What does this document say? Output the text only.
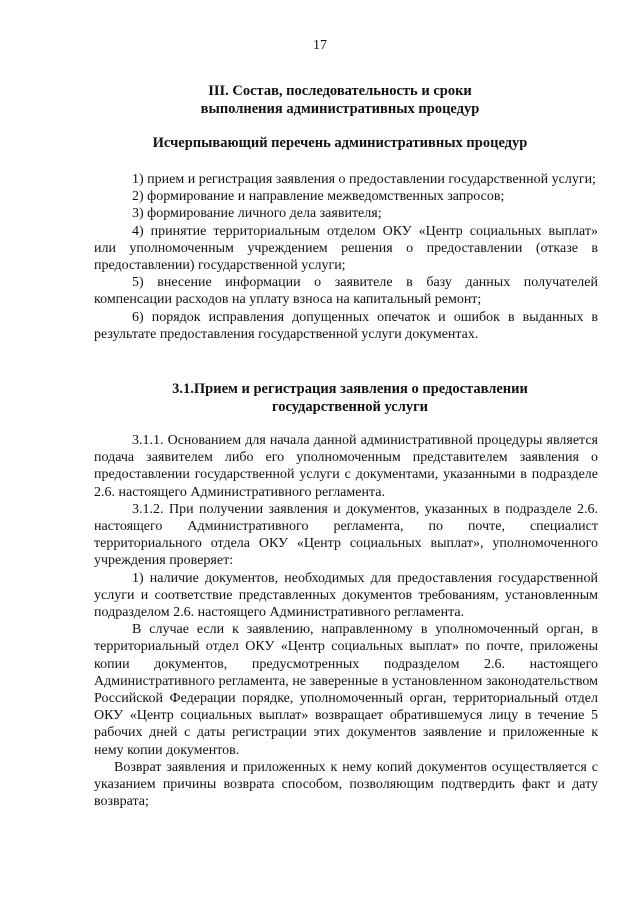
17
III. Состав, последовательность и сроки
выполнения административных процедур
Исчерпывающий перечень административных процедур

1) прием и регистрация заявления о предоставлении государственной услуги;

2) формирование и направление межведомственных запросов;

3) формирование личного дела заявителя;

4) принятие территориальным отделом ОКУ «Центр социальных выплат» или уполномоченным учреждением решения о предоставлении (отказе в предоставлении) государственной услуги;

5) внесение информации о заявителе в базу данных получателей компенсации расходов на уплату взноса на капитальный ремонт;

6) порядок исправления допущенных опечаток и ошибок в выданных в результате предоставления государственной услуги документах.

3.1.Прием и регистрация заявления о предоставлении
государственной услуги

3.1.1. Основанием для начала данной административной процедуры является подача заявителем либо его уполномоченным представителем заявления о предоставлении государственной услуги с документами, указанными в подразделе 2.6. настоящего Административного регламента.

3.1.2. При получении заявления и документов, указанных в подразделе 2.6. настоящего Административного регламента, по почте, специалист территориального отдела ОКУ «Центр социальных выплат», уполномоченного учреждения проверяет:

1) наличие документов, необходимых для предоставления государственной услуги и соответствие представленных документов требованиям, установленным подразделом 2.6. настоящего Административного регламента.

В случае если к заявлению, направленному в уполномоченный орган, в территориальный отдел ОКУ «Центр социальных выплат» по почте, приложены копии документов, предусмотренных подразделом 2.6. настоящего Административного регламента, не заверенные в установленном законодательством Российской Федерации порядке, уполномоченный орган, территориальный отдел ОКУ «Центр социальных выплат» возвращает обратившемуся лицу в течение 5 рабочих дней с даты регистрации этих документов заявление и приложенные к нему копии документов.

Возврат заявления и приложенных к нему копий документов осуществляется с указанием причины возврата способом, позволяющим подтвердить факт и дату возврата;
